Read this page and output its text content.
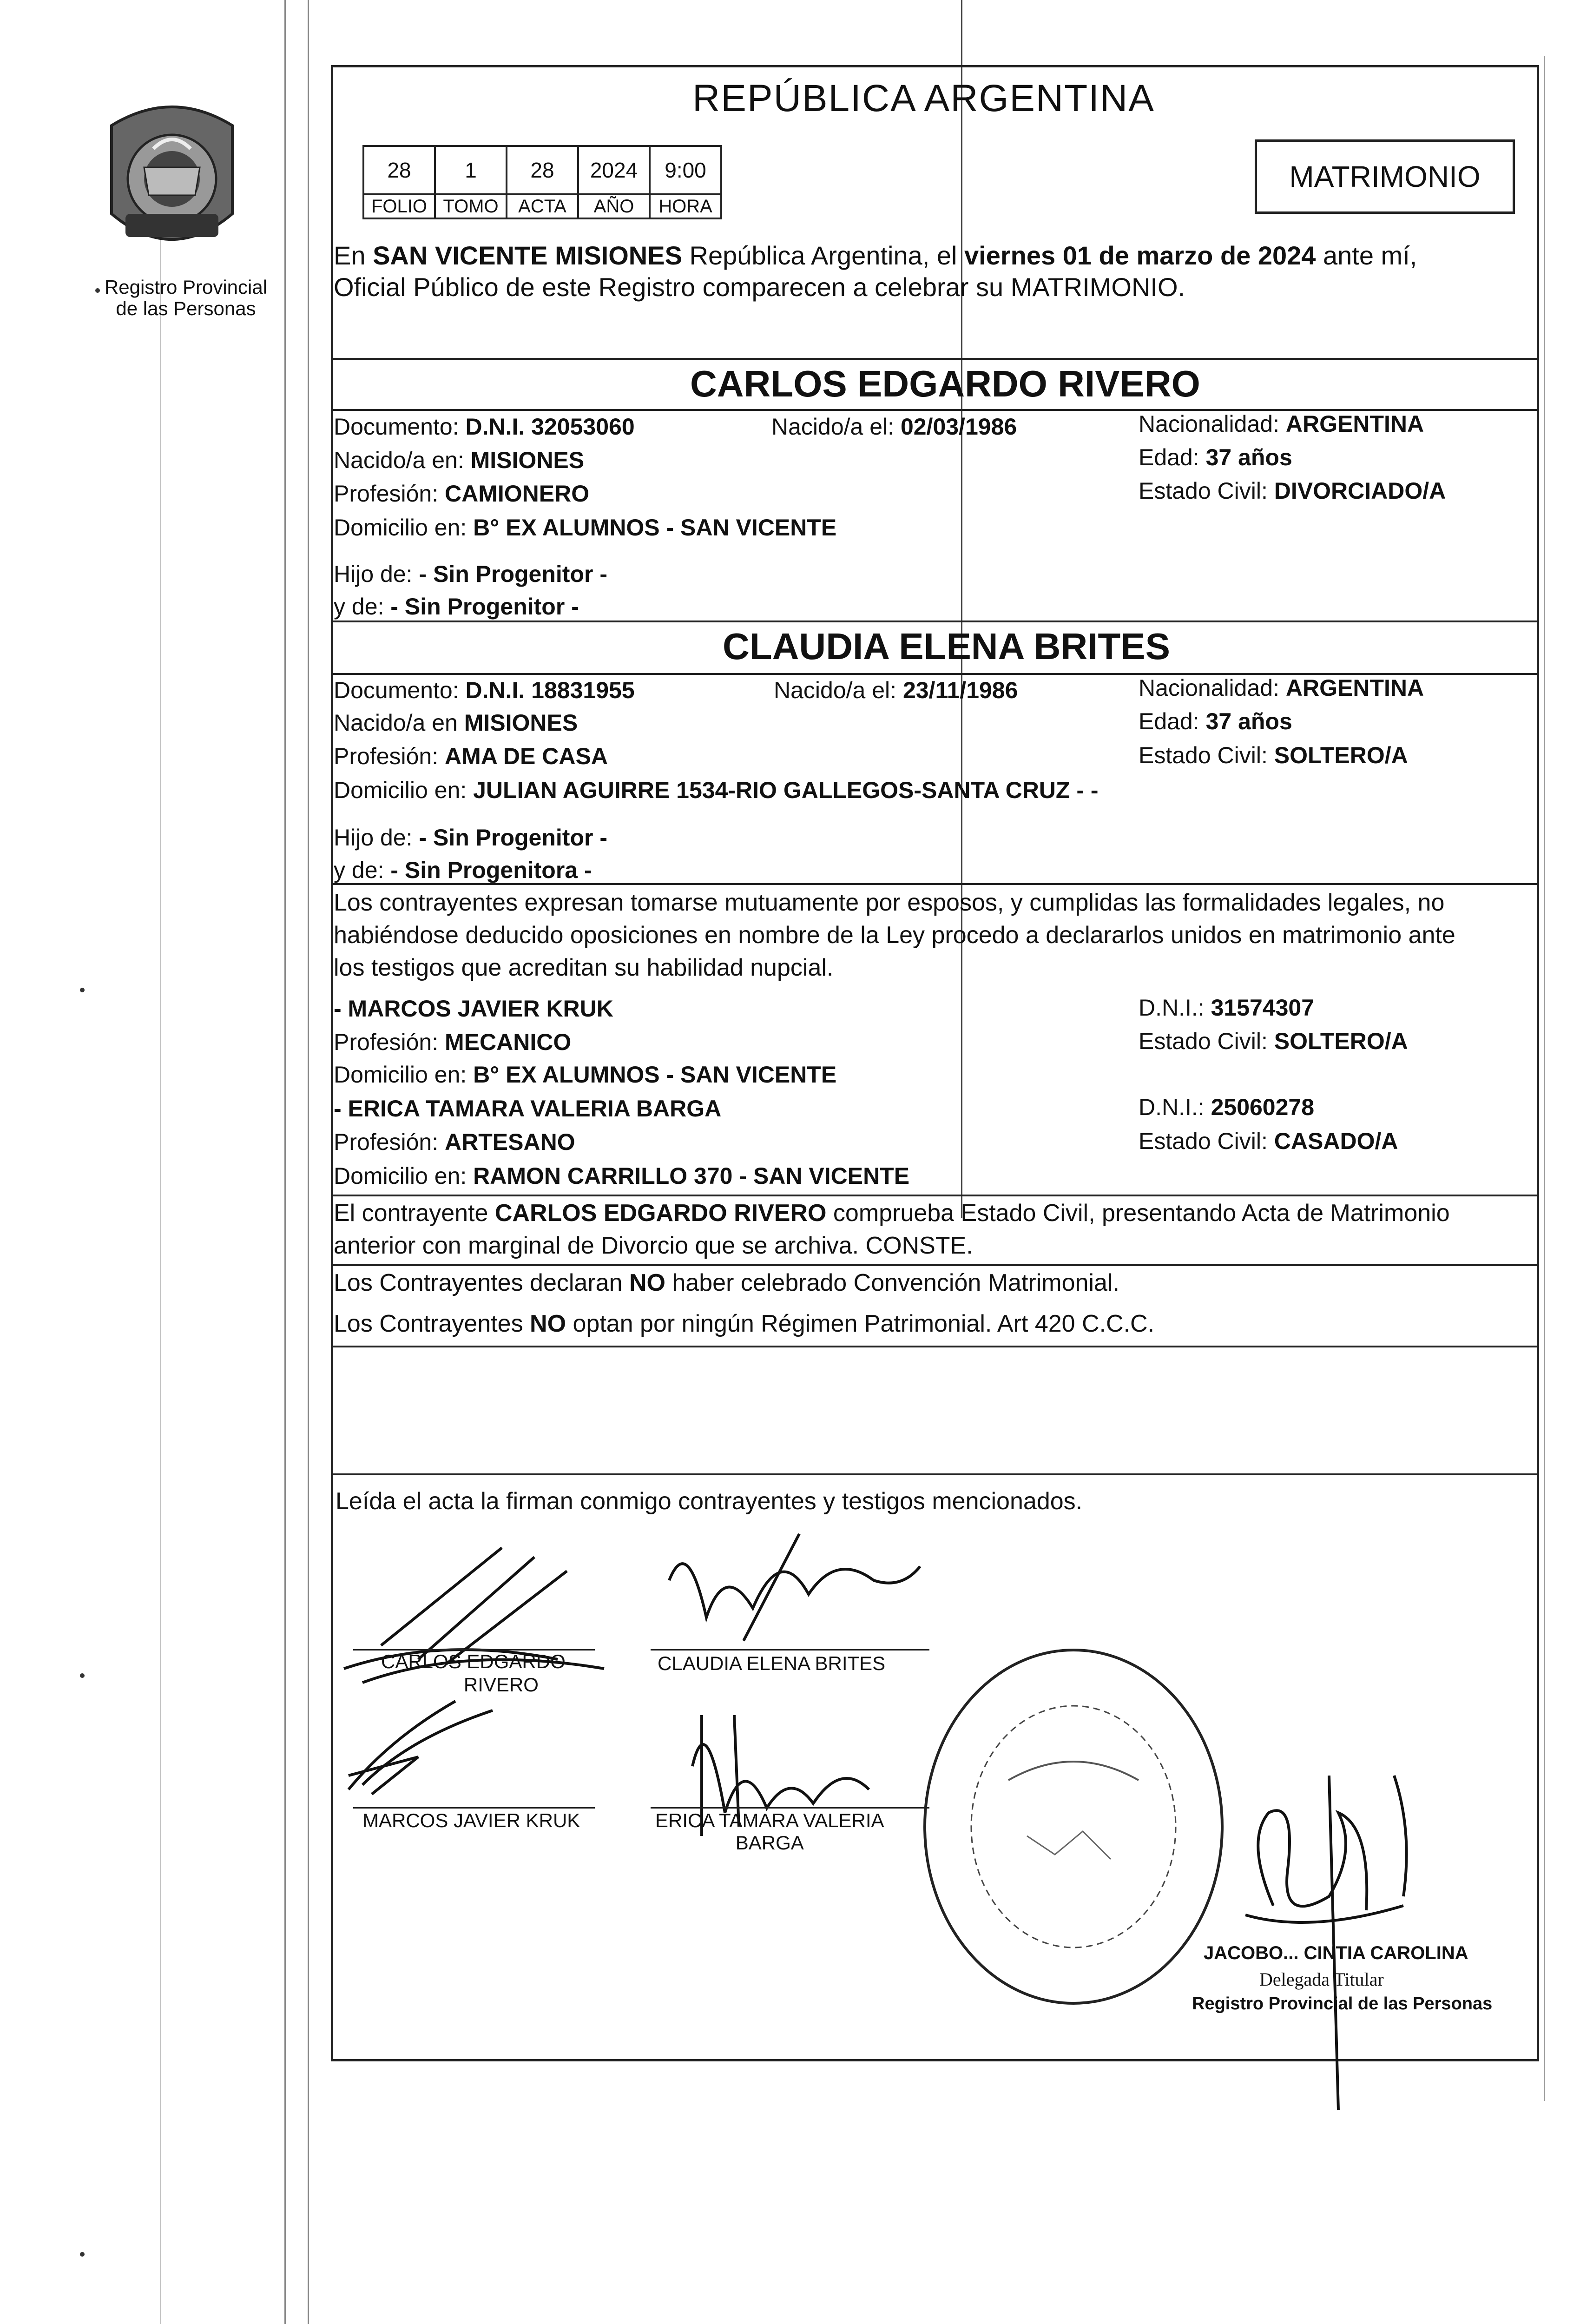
Registro Provincial
de las Personas
REPÚBLICA ARGENTINA
28	1	28	2024	9:00
FOLIO	TOMO	ACTA	AÑO	HORA
MATRIMONIO
En SAN VICENTE MISIONES República Argentina, el viernes 01 de marzo de 2024 ante mí,
Oficial Público de este Registro comparecen a celebrar su MATRIMONIO.
CARLOS EDGARDO RIVERO
Documento: D.N.I. 32053060	Nacido/a el: 02/03/1986	Nacionalidad: ARGENTINA
Nacido/a en: MISIONES	Edad: 37 años
Profesión: CAMIONERO	Estado Civil: DIVORCIADO/A
Domicilio en: B° EX ALUMNOS - SAN VICENTE
Hijo de: - Sin Progenitor -
y de: - Sin Progenitor -
CLAUDIA ELENA BRITES
Documento: D.N.I. 18831955	Nacido/a el: 23/11/1986	Nacionalidad: ARGENTINA
Nacido/a en MISIONES	Edad: 37 años
Profesión: AMA DE CASA	Estado Civil: SOLTERO/A
Domicilio en: JULIAN AGUIRRE 1534-RIO GALLEGOS-SANTA CRUZ - -
Hijo de: - Sin Progenitor -
y de: - Sin Progenitora -
Los contrayentes expresan tomarse mutuamente por esposos, y cumplidas las formalidades legales, no
habiéndose deducido oposiciones en nombre de la Ley procedo a declararlos unidos en matrimonio ante
los testigos que acreditan su habilidad nupcial.
- MARCOS JAVIER KRUK	D.N.I.: 31574307
Profesión: MECANICO	Estado Civil: SOLTERO/A
Domicilio en: B° EX ALUMNOS - SAN VICENTE
- ERICA TAMARA VALERIA BARGA	D.N.I.: 25060278
Profesión: ARTESANO	Estado Civil: CASADO/A
Domicilio en: RAMON CARRILLO 370 - SAN VICENTE
El contrayente CARLOS EDGARDO RIVERO comprueba Estado Civil, presentando Acta de Matrimonio
anterior con marginal de Divorcio que se archiva. CONSTE.
Los Contrayentes declaran NO haber celebrado Convención Matrimonial.
Los Contrayentes NO optan por ningún Régimen Patrimonial. Art 420 C.C.C.
Leída el acta la firman conmigo contrayentes y testigos mencionados.
CARLOS EDGARDO
RIVERO
CLAUDIA ELENA BRITES
MARCOS JAVIER KRUK	ERICA TAMARA VALERIA
BARGA
JACOBO... CINTIA CAROLINA
Delegada Titular
Registro Provincial de las Personas
